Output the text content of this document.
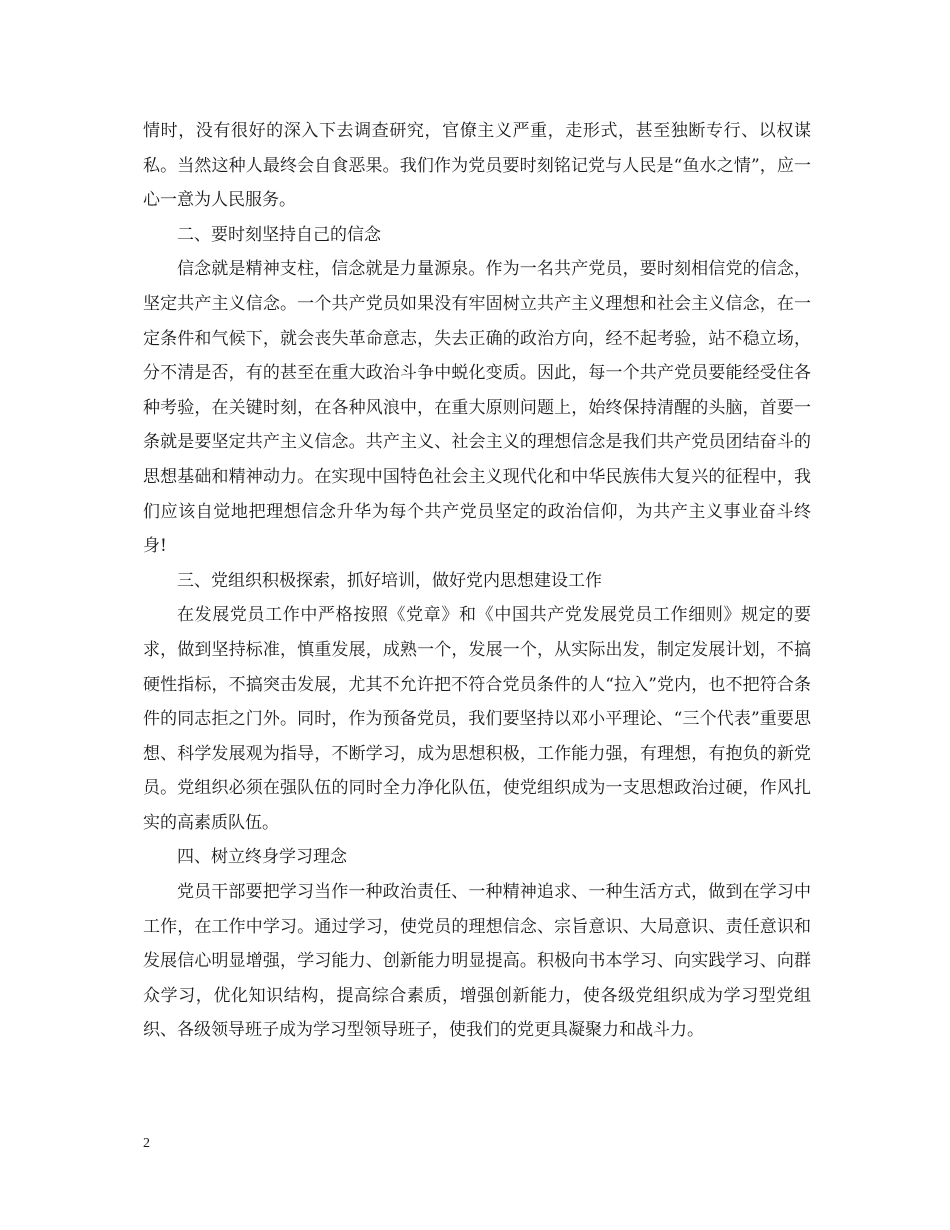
情时，没有很好的深入下去调查研究，官僚主义严重，走形式，甚至独断专行、以权谋私。当然这种人最终会自食恶果。我们作为党员要时刻铭记党与人民是“鱼水之情”，应一心一意为人民服务。

二、要时刻坚持自己的信念

信念就是精神支柱，信念就是力量源泉。作为一名共产党员，要时刻相信党的信念，坚定共产主义信念。一个共产党员如果没有牢固树立共产主义理想和社会主义信念，在一定条件和气候下，就会丧失革命意志，失去正确的政治方向，经不起考验，站不稳立场，分不清是否，有的甚至在重大政治斗争中蜕化变质。因此，每一个共产党员要能经受住各种考验，在关键时刻，在各种风浪中，在重大原则问题上，始终保持清醒的头脑，首要一条就是要坚定共产主义信念。共产主义、社会主义的理想信念是我们共产党员团结奋斗的思想基础和精神动力。在实现中国特色社会主义现代化和中华民族伟大复兴的征程中，我们应该自觉地把理想信念升华为每个共产党员坚定的政治信仰，为共产主义事业奋斗终身!

三、党组织积极探索，抓好培训，做好党内思想建设工作

在发展党员工作中严格按照《党章》和《中国共产党发展党员工作细则》规定的要求，做到坚持标准，慎重发展，成熟一个，发展一个，从实际出发，制定发展计划，不搞硬性指标，不搞突击发展，尤其不允许把不符合党员条件的人“拉入”党内，也不把符合条件的同志拒之门外。同时，作为预备党员，我们要坚持以邓小平理论、“三个代表”重要思想、科学发展观为指导，不断学习，成为思想积极，工作能力强，有理想，有抱负的新党员。党组织必须在强队伍的同时全力净化队伍，使党组织成为一支思想政治过硬，作风扎实的高素质队伍。

四、树立终身学习理念

党员干部要把学习当作一种政治责任、一种精神追求、一种生活方式，做到在学习中工作，在工作中学习。通过学习，使党员的理想信念、宗旨意识、大局意识、责任意识和发展信心明显增强，学习能力、创新能力明显提高。积极向书本学习、向实践学习、向群众学习，优化知识结构，提高综合素质，增强创新能力，使各级党组织成为学习型党组织、各级领导班子成为学习型领导班子，使我们的党更具凝聚力和战斗力。

2
